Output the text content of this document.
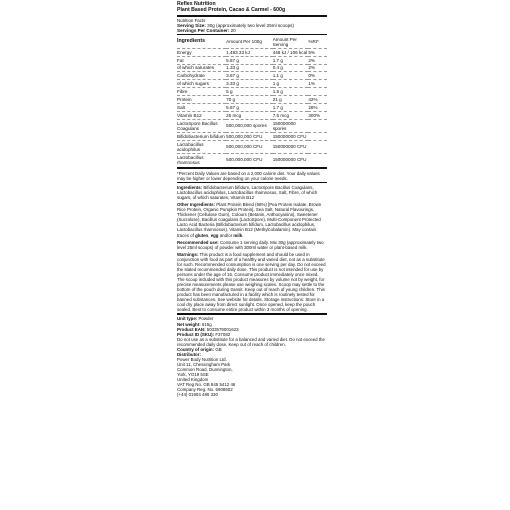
Reflex Nutrition
Plant Based Protein, Cacao & Carmel - 600g
Nutrition Facts
Serving Size: 30g (approximately two level 25ml scoops)
Servings Per Container: 20
Ingredients	Amount Per 100g	Amount Per Serving	%RI*
Energy	1,493.33 kJ	448 kJ / 106 kcal	5%
Fat	5.67 g	1.7 g	2%
of which saturates	1.33 g	0.4 g	2%
Carbohydrate	3.67 g	1.1 g	0%
of which sugars	3.33 g	1 g	1%
Fibre	5 g	1.5 g	
Protein	70 g	21 g	42%
Salt	5.67 g	1.7 g	28%
Vitamin B12	25 mcg	7.5 mcg	300%
LactoSpore Bacillus Coagulans	500,000,000 spores	150000000 spores	
Bifidobacterium bifidum	500,000,000 CFU	150000000 CFU	
Lactobacillus acidophilus	500,000,000 CFU	150000000 CFU	
Lactobacillus rhamnosus	500,000,000 CFU	150000000 CFU	
*Percent Daily Values are based on a 2,000 calorie diet. Your daily values may be higher or lower depending on your calorie needs.

Ingredients: Bifidobacterium bifidum, LactoSpore Bacillus Coagulans, Lactobacillus acidophilus, Lactobacillus rhamnosus, Salt, Fibre, of which sugars, of which saturates, Vitamin B12

Other Ingredients: Plant Protein Blend (68%) [Pea Protein Isolate, Brown Rice Protein, Organic Pumpkin Protein], Sea Salt, Natural Flavourings, Thickener (Cellulose Gum), Colours (Betanin, Anthocyanins), Sweetener (Sucralose), Bacillus coagulans (LactoSpore), Multi-Component Protected Lacto Acid Bacteria (Bifidobacterium bifidum, Lactobacillus acidophilus, Lactobacillus rhamnosus), Vitamin B12 (Methylcobalamin). May contain traces of gluten, egg and/or milk.

Recommended use: Consume 1 serving daily. Mix 30g (approximately two level 25ml scoops) of powder with 300ml water or plant-based milk.

Warnings: This product is a food supplement and should be used in conjunction with food as part of a healthy and varied diet, not as a substitute for such. Recommended consumption is one serving per day. Do not exceed the stated recommended daily dose. This product is not intended for use by persons under the age of 16. Consume product immediately once mixed. The scoop included with this product measures by volume not by weight, for precise measurements please use weighing scales. Scoop may settle to the bottom of the pouch during transit. Keep out of reach of young children. This product has been manufactured in a facility which is routinely tested for banned substances. See website for details. Storage instructions: Store in a cool dry place away from direct sunlight. Once opened, keep the pouch sealed. Best to consume entire product within 3 months of opening.

Unit type: Powder
Net weight: 615g
Product EAN: 5033579001623
Product ID (SKU): F37082
Do not use as a substitute for a balanced and varied diet. Do not exceed the recommended daily dose. Keep out of reach of children.
Country of origin: GB
Distributor:
Power Body Nutrition Ltd.
Unit 11, Chessingham Park
Common Road, Dunnington,
York, YO19 5SE
United Kingdom
VAT Reg No. GB 845 5412 46
Company Reg. No. 6908602
(+44) 01904 486 330
